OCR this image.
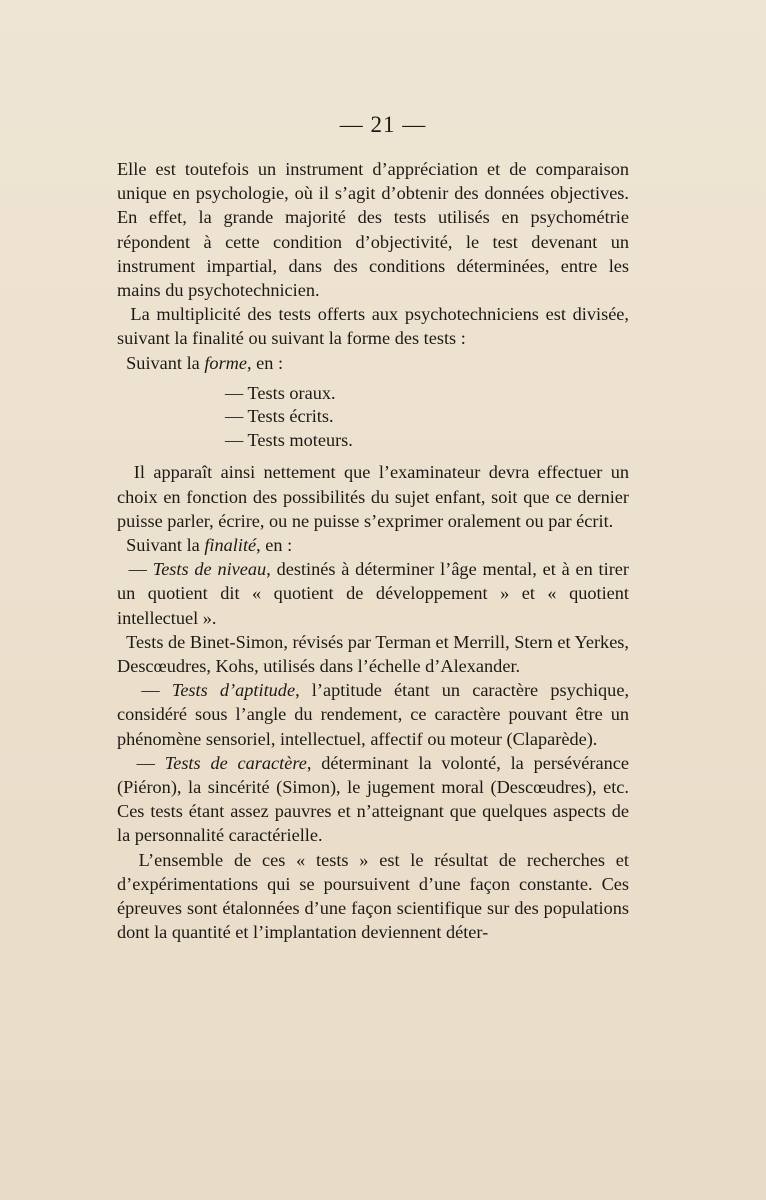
— 21 —

Elle est toutefois un instrument d’appréciation et de comparaison unique en psychologie, où il s’agit d’obtenir des données objectives. En effet, la grande majorité des tests utilisés en psychométrie répondent à cette condition d’objectivité, le test devenant un instrument impartial, dans des conditions déterminées, entre les mains du psychotechnicien.

La multiplicité des tests offerts aux psychotechniciens est divisée, suivant la finalité ou suivant la forme des tests :

Suivant la forme, en :

— Tests oraux.
— Tests écrits.
— Tests moteurs.

Il apparaît ainsi nettement que l’examinateur devra effectuer un choix en fonction des possibilités du sujet enfant, soit que ce dernier puisse parler, écrire, ou ne puisse s’exprimer oralement ou par écrit.

Suivant la finalité, en :

— Tests de niveau, destinés à déterminer l’âge mental, et à en tirer un quotient dit « quotient de développement » et « quotient intellectuel ».

Tests de Binet-Simon, révisés par Terman et Merrill, Stern et Yerkes, Descœudres, Kohs, utilisés dans l’échelle d’Alexander.

— Tests d’aptitude, l’aptitude étant un caractère psychique, considéré sous l’angle du rendement, ce caractère pouvant être un phénomène sensoriel, intellectuel, affectif ou moteur (Claparède).

— Tests de caractère, déterminant la volonté, la persévérance (Piéron), la sincérité (Simon), le jugement moral (Descœudres), etc. Ces tests étant assez pauvres et n’atteignant que quelques aspects de la personnalité caractérielle.

L’ensemble de ces « tests » est le résultat de recherches et d’expérimentations qui se poursuivent d’une façon constante. Ces épreuves sont étalonnées d’une façon scientifique sur des populations dont la quantité et l’implantation deviennent déter-
